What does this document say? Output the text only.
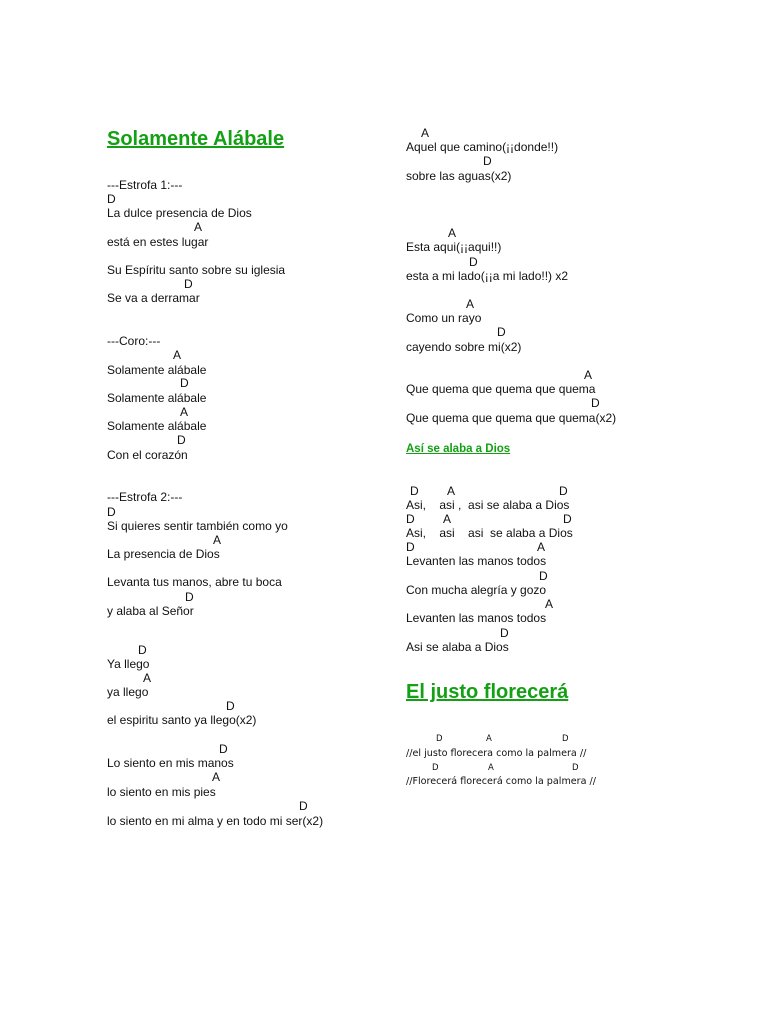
Solamente Alábale
---Estrofa 1:---
D
La dulce presencia de Dios
A
está en estes lugar
Su Espíritu santo sobre su iglesia
D
Se va a derramar
---Coro:---
A
Solamente alábale
D
Solamente alábale
A
Solamente alábale
D
Con el corazón
---Estrofa 2:---
D
Si quieres sentir también como yo
A
La presencia de Dios
Levanta tus manos, abre tu boca
D
y alaba al Señor
D
Ya llego
A
ya llego
D
el espiritu santo ya llego(x2)
D
Lo siento en mis manos
A
lo siento en mis pies
D
lo siento en mi alma y en todo mi ser(x2)
A
Aquel que camino(¡¡donde!!)
D
sobre las aguas(x2)
A
Esta aqui(¡¡aqui!!)
D
esta a mi lado(¡¡a mi lado!!) x2
A
Como un rayo
D
cayendo sobre mi(x2)
A
Que quema que quema que quema
D
Que quema que quema que quema(x2)
Así se alaba a Dios
D A	D
Asi,    asi ,  asi se alaba a Dios
D A	D
Asi,    asi    asi  se alaba a Dios
D	A
Levanten las manos todos
D
Con mucha alegría y gozo
A
Levanten las manos todos
D
Asi se alaba a Dios
El justo florecerá
D	A	D
//el justo florecera como la palmera //
D	A	D
//Florecerá florecerá como la palmera //
